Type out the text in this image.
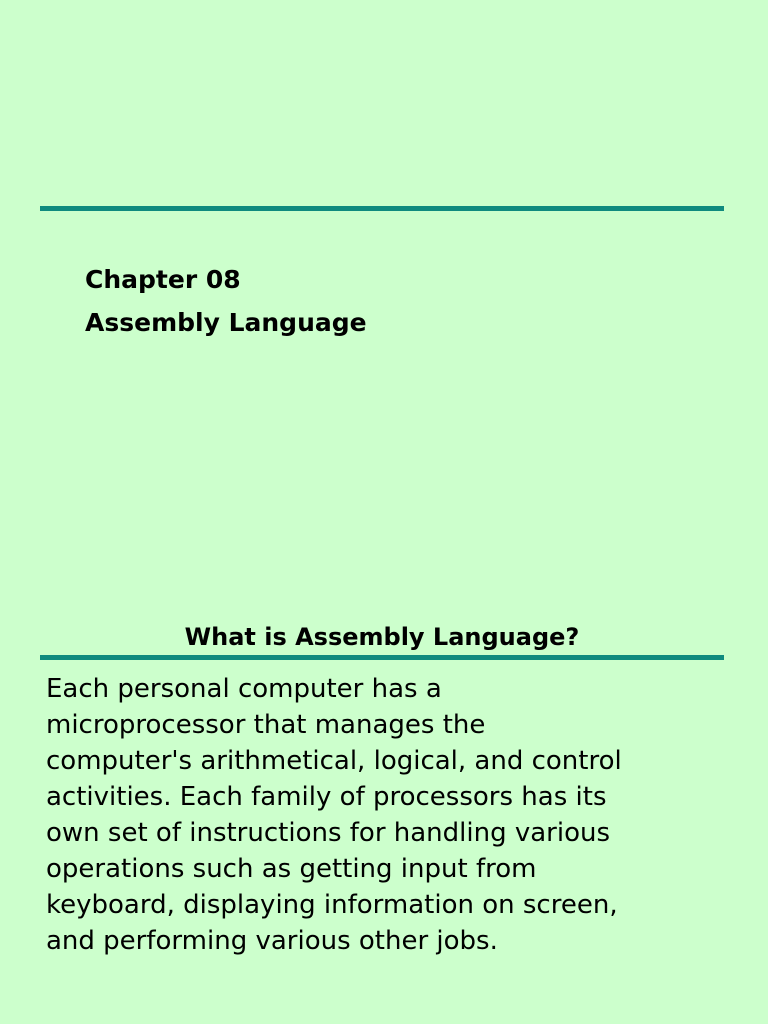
Chapter 08
Assembly Language
What is Assembly Language?
Each personal computer has a
microprocessor that manages the
computer's arithmetical, logical, and control
activities. Each family of processors has its
own set of instructions for handling various
operations such as getting input from
keyboard, displaying information on screen,
and performing various other jobs.
